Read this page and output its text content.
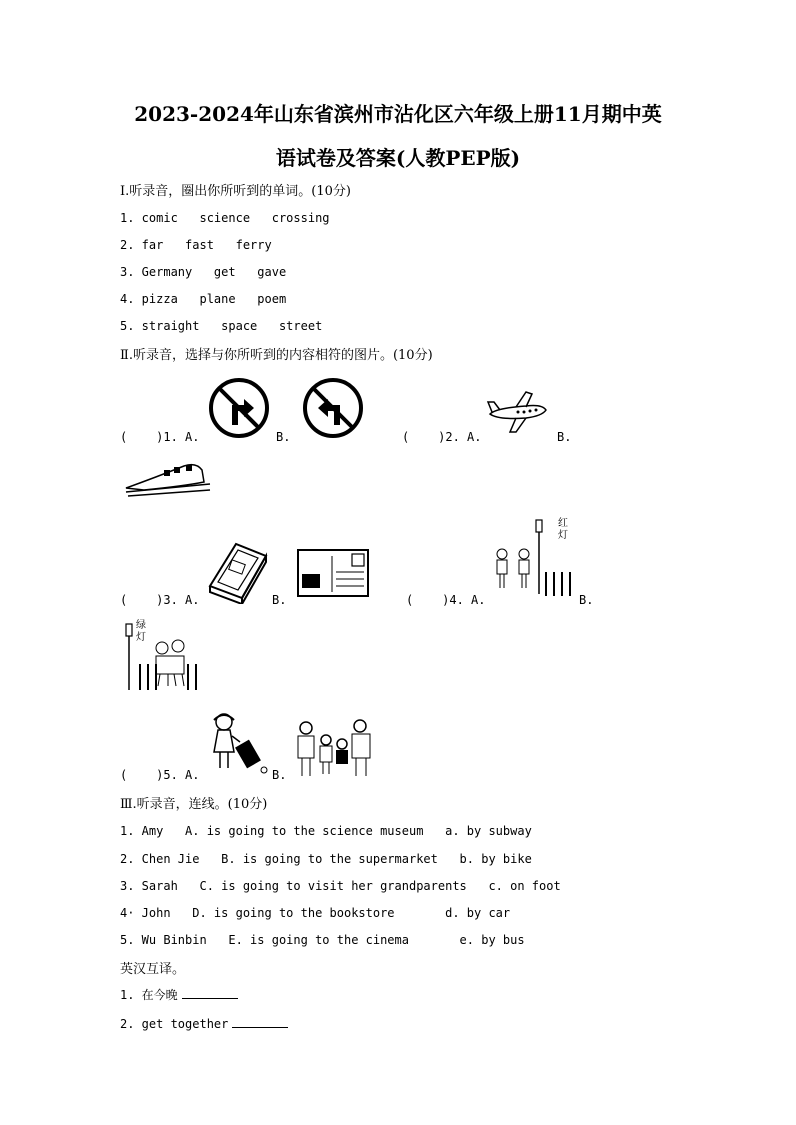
2023-2024年山东省滨州市沾化区六年级上册11月期中英
语试卷及答案(人教PEP版)
Ⅰ.听录音，圈出你所听到的单词。(10分)
1. comic   science   crossing
2. far   fast   ferry
3. Germany   get   gave
4. pizza   plane   poem
5. straight   space   street
Ⅱ.听录音，选择与你所听到的内容相符的图片。(10分)
(    )1. A.	B.	(    )2. A.	B.
(    )3. A.	B.	(    )4. A.
红灯
B.
绿灯
(    )5. A.	B.
Ⅲ.听录音，连线。(10分)
1. Amy   A. is going to the science museum   a. by subway
2. Chen Jie   B. is going to the supermarket   b. by bike
3. Sarah   C. is going to visit her grandparents   c. on foot
4· John   D. is going to the bookstore       d. by car
5. Wu Binbin   E. is going to the cinema       e. by bus
英汉互译。
1. 在今晚
2. get together
